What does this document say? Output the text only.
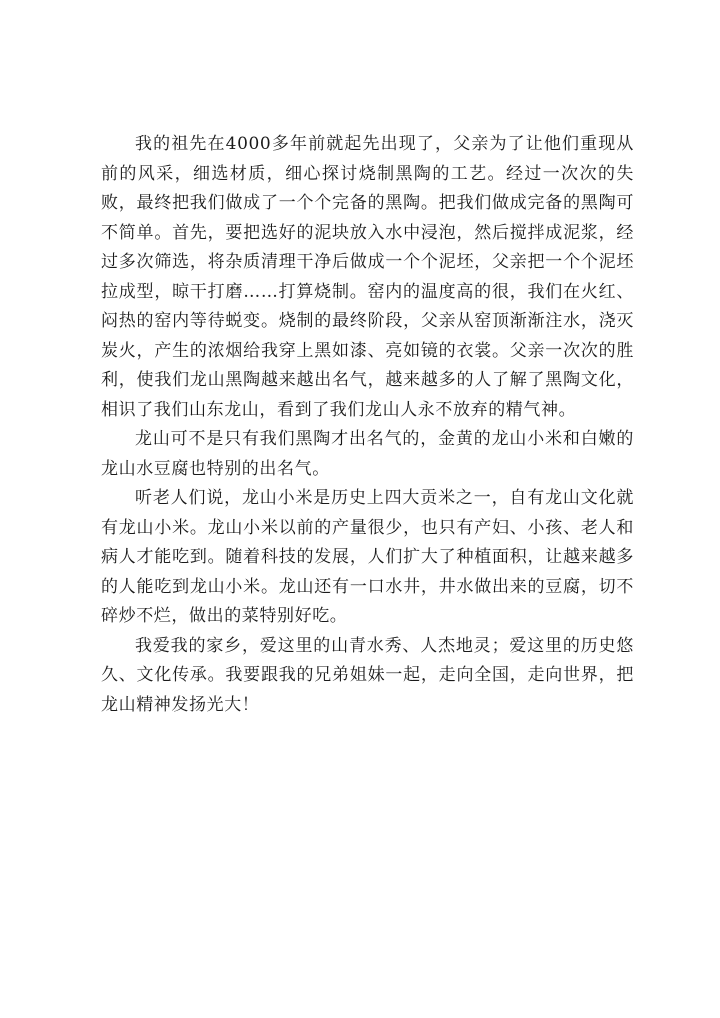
我的祖先在4000多年前就起先出现了，父亲为了让他们重现从前的风采，细选材质，细心探讨烧制黑陶的工艺。经过一次次的失败，最终把我们做成了一个个完备的黑陶。把我们做成完备的黑陶可不简单。首先，要把选好的泥块放入水中浸泡，然后搅拌成泥浆，经过多次筛选，将杂质清理干净后做成一个个泥坯，父亲把一个个泥坯拉成型，晾干打磨……打算烧制。窑内的温度高的很，我们在火红、闷热的窑内等待蜕变。烧制的最终阶段，父亲从窑顶渐渐注水，浇灭炭火，产生的浓烟给我穿上黑如漆、亮如镜的衣裳。父亲一次次的胜利，使我们龙山黑陶越来越出名气，越来越多的人了解了黑陶文化，相识了我们山东龙山，看到了我们龙山人永不放弃的精气神。

龙山可不是只有我们黑陶才出名气的，金黄的龙山小米和白嫩的龙山水豆腐也特别的出名气。

听老人们说，龙山小米是历史上四大贡米之一，自有龙山文化就有龙山小米。龙山小米以前的产量很少，也只有产妇、小孩、老人和病人才能吃到。随着科技的发展，人们扩大了种植面积，让越来越多的人能吃到龙山小米。龙山还有一口水井，井水做出来的豆腐，切不碎炒不烂，做出的菜特别好吃。

我爱我的家乡，爱这里的山青水秀、人杰地灵；爱这里的历史悠久、文化传承。我要跟我的兄弟姐妹一起，走向全国，走向世界，把龙山精神发扬光大！
